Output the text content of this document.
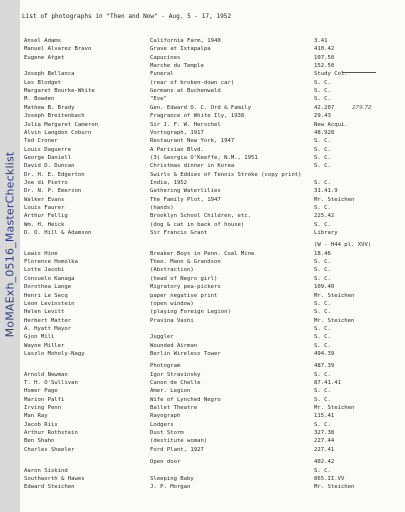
MoMAExh_0516_MasterChecklist
List of photographs in "Then and Now" - Aug. 5 - 17, 1952
Ansel Adams	California Farm, 1940	3.41
Manuel Alvarez Bravo	Grave at Ixtapalpa	410.42
Eugene Atget	Capucines	107.50
Marche du Temple	152.50
Joseph Bellanca	Funeral	Study Col.
Les Blodget	(rear of broken-down car)	S. C.
Margaret Bourke-White	Germans at Buchenwald	S. C.
M. Bowden	"Eve"	S. C.
Mathew B. Brady	Gen. Edward O. C. Ord & Family	42.207
Joseph Breitenbach	Fragrance of White Ily, 1938	29.43
Julia Margaret Cameron	Sir J. F. W. Herschel	New Acqui.
Alvin Langdon Coburn	Vortograph, 1917	48.928
Ted Croner	Restaurant New York, 1947	S. C.
Louis Daguerre	A Parisian Blvd.	S. C.
George Daniell	(3) Georgia O'Keeffe, N.M., 1951	S. C.
David D. Duncan	Christmas dinner in Korea	S. C.
Dr. H. E. Edgerton	Swirls & Eddies of Tennis Stroke (copy print)
Joe di Pietro	India, 1952	S. C.
Dr. N. P. Emerson	Gathering Waterlilies	31.41.9
Walker Evans	The Family Plot, 1947	Mr. Steichen
Louis Faurer	(hands)	S. C.
Arthur Fellig	Brooklyn School Children, etc.	225.42
Wm. H. Heick	(dog & cat in back of house)	S. C.
D. O. Hill & Adamson	Sir Francis Grant	Library
(W - H44 pl. XVV)
Lewis Hine	Breaker Boys in Penn. Coal Mine	18.46
Florence Homolka	Theo. Mann & Grandson	S. C.
Lotte Jacobi	(Abstraction)	S. C.
Consuelo Kanaga	(head of Negro girl)	S. C.
Dorothea Lange	Migratory pea-pickers	109.40
Henri Le Secq	paper negative print	Mr. Steichen
Leon Levinstein	(open window)	S. C.
Helen Levitt	(playing Foreign Legion)	S. C.
Herbert Matter	Pravina Vashi	Mr. Steichen
A. Hyatt Mayor	S. C.
Gjon Mili	Juggler	S. C.
Wayne Miller	Wounded Airman	S. C.
Laszlo Moholy-Nagy	Berlin Wireless Tower	494.39
Photogram	487.39
Arnold Newman	Igor Stravinsky	S. C.
T. H. O'Sullivan	Canon de Chelle	87.41.41
Homer Page	Amer. Legion	S. C.
Marion Palfi	Wife of Lynched Negro	S. C.
Irving Penn	Ballet Theatre	Mr. Steichen
Man Ray	Rayograph	115.41
Jacob Riis	Lodgers	S. C.
Arthur Rothstein	Dust Storm	327.38
Ben Shahn	(destitute woman)	227.44
Charles Sheeler	Ford Plant, 1927	227.41
Open door	402.42
Aaron Siskind	S. C.
Southworth & Hawes	Sleeping Baby	865.II.VV
Edward Steichen	J. P. Morgan	Mr. Steichen
279.72
